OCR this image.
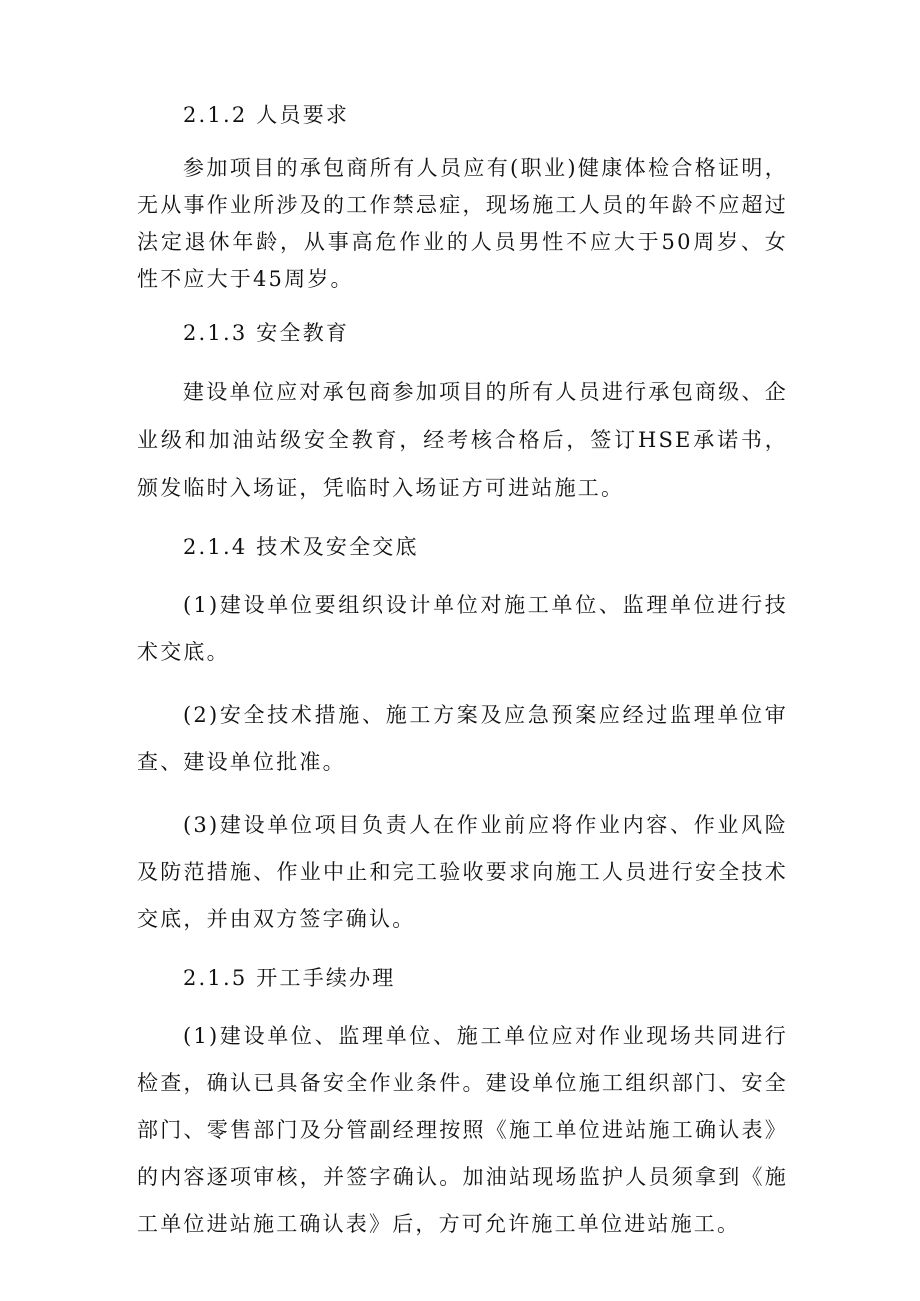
2.1.2 人员要求

参加项目的承包商所有人员应有(职业)健康体检合格证明，无从事作业所涉及的工作禁忌症，现场施工人员的年龄不应超过法定退休年龄，从事高危作业的人员男性不应大于50周岁、女性不应大于45周岁。

2.1.3 安全教育

建设单位应对承包商参加项目的所有人员进行承包商级、企业级和加油站级安全教育，经考核合格后，签订HSE承诺书，颁发临时入场证，凭临时入场证方可进站施工。

2.1.4 技术及安全交底

(1)建设单位要组织设计单位对施工单位、监理单位进行技术交底。

(2)安全技术措施、施工方案及应急预案应经过监理单位审查、建设单位批准。

(3)建设单位项目负责人在作业前应将作业内容、作业风险及防范措施、作业中止和完工验收要求向施工人员进行安全技术交底，并由双方签字确认。

2.1.5 开工手续办理

(1)建设单位、监理单位、施工单位应对作业现场共同进行检查，确认已具备安全作业条件。建设单位施工组织部门、安全部门、零售部门及分管副经理按照《施工单位进站施工确认表》的内容逐项审核，并签字确认。加油站现场监护人员须拿到《施工单位进站施工确认表》后，方可允许施工单位进站施工。
